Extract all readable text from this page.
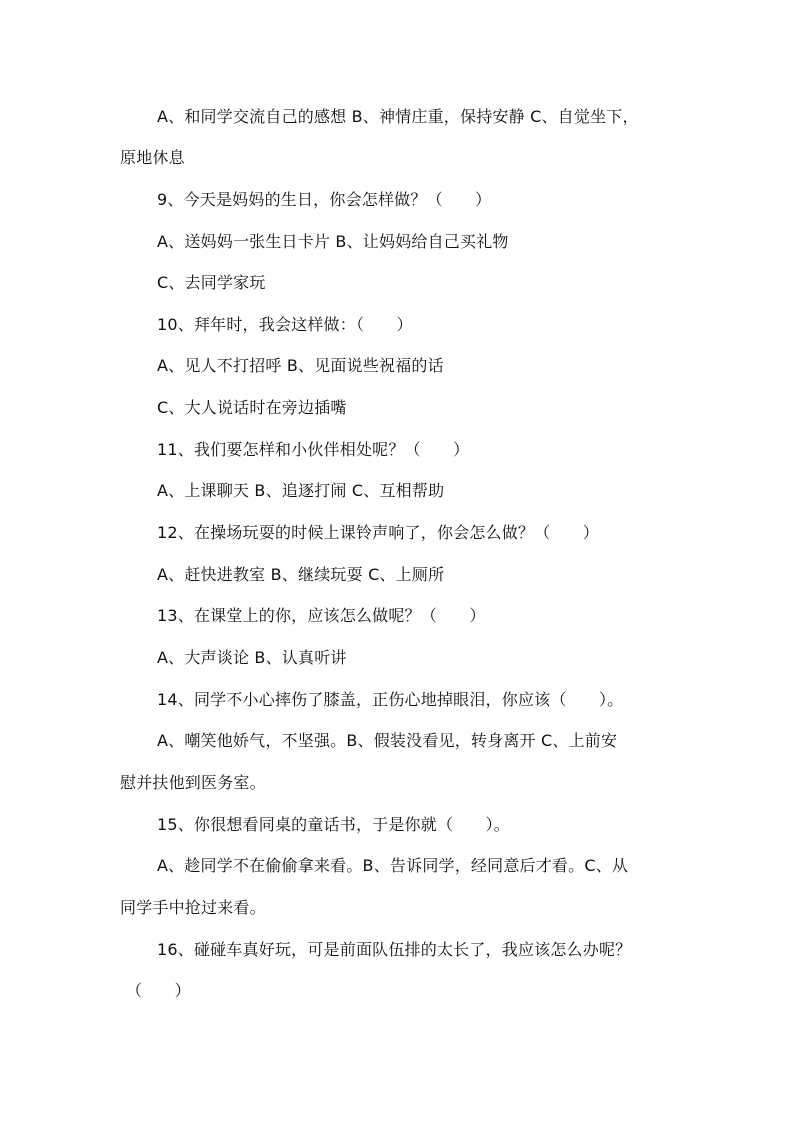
A、和同学交流自己的感想 B、神情庄重，保持安静 C、自觉坐下，
原地休息
9、今天是妈妈的生日，你会怎样做？（　　）
A、送妈妈一张生日卡片 B、让妈妈给自己买礼物
C、去同学家玩
10、拜年时，我会这样做：（　　）
A、见人不打招呼 B、见面说些祝福的话
C、大人说话时在旁边插嘴
11、我们要怎样和小伙伴相处呢？（　　）
A、上课聊天 B、追逐打闹 C、互相帮助
12、在操场玩耍的时候上课铃声响了，你会怎么做？（　　）
A、赶快进教室 B、继续玩耍 C、上厕所
13、在课堂上的你，应该怎么做呢？（　　）
A、大声谈论 B、认真听讲
14、同学不小心摔伤了膝盖，正伤心地掉眼泪，你应该（　　）。
A、嘲笑他娇气，不坚强。B、假装没看见，转身离开 C、上前安
慰并扶他到医务室。
15、你很想看同桌的童话书，于是你就（　　）。
A、趁同学不在偷偷拿来看。B、告诉同学，经同意后才看。C、从
同学手中抢过来看。
16、碰碰车真好玩，可是前面队伍排的太长了，我应该怎么办呢？
（　　）
